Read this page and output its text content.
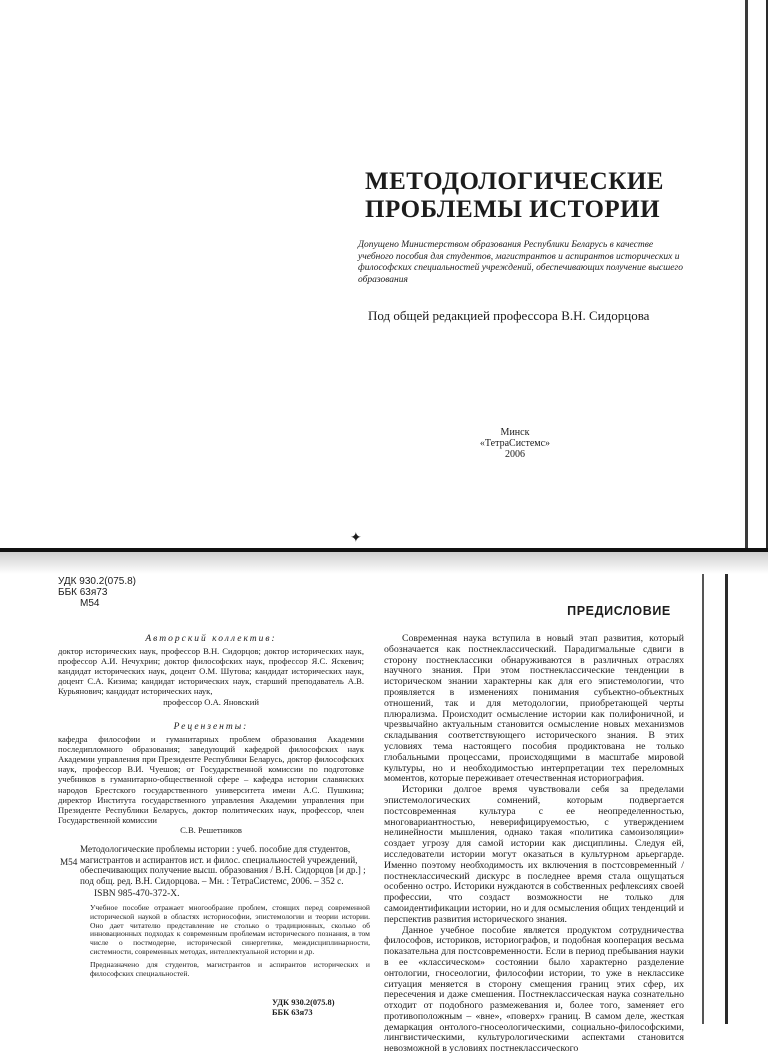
МЕТОДОЛОГИЧЕСКИЕ
ПРОБЛЕМЫ ИСТОРИИ
Допущено Министерством образования Республики Беларусь в качестве учебного пособия для студентов, магистрантов и аспирантов исторических и философских специальностей учреждений, обеспечивающих получение высшего образования
Под общей редакцией профессора В.Н. Сидорцова
Минск
«ТетраСистемс»
2006
✦
УДК 930.2(075.8)
ББК 63я73
М54
Авторский коллектив:
доктор исторических наук, профессор В.Н. Сидорцов; доктор исторических наук, профессор А.И. Нечухрин; доктор философских наук, профессор Я.С. Яскевич; кандидат исторических наук, доцент О.М. Шутова; кандидат исторических наук, доцент С.А. Кизима; кандидат исторических наук, старший преподаватель А.В. Курьянович; кандидат исторических наук,
профессор О.А. Яновский
Рецензенты:
кафедра философии и гуманитарных проблем образования Академии последипломного образования; заведующий кафедрой философских наук Академии управления при Президенте Республики Беларусь, доктор философских наук, профессор В.И. Чуешов; от Государственной комиссии по подготовке учебников в гуманитарно-общественной сфере – кафедра истории славянских народов Брестского государственного университета имени А.С. Пушкина; директор Института государственного управления Академии управления при Президенте Республики Беларусь, доктор политических наук, профессор, член Государственной комиссии
С.В. Решетников
М54
Методологические проблемы истории : учеб. пособие для студентов, магистрантов и аспирантов ист. и филос. специальностей учреждений, обеспечивающих получение высш. образования / В.Н. Сидорцов [и др.] ; под общ. ред. В.Н. Сидорцова. – Мн. : ТетраСистемс, 2006. – 352 с.
ISBN 985-470-372-X.
Учебное пособие отражает многообразие проблем, стоящих перед современной исторической наукой в областях историософии, эпистемологии и теории истории. Оно дает читателю представление не столько о традиционных, сколько об инновационных подходах к современным проблемам исторического познания, в том числе о постмодерне, исторической синергетике, междисциплинарности, системности, современных методах, интеллектуальной истории и др.
Предназначено для студентов, магистрантов и аспирантов исторических и философских специальностей.
УДК 930.2(075.8)
ББК 63я73
ПРЕДИСЛОВИЕ

Современная наука вступила в новый этап развития, который обозначается как постнеклассический. Парадигмальные сдвиги в сторону постнеклассики обнаруживаются в различных отраслях научного знания. При этом постнеклассические тенденции в историческом знании характерны как для его эпистемологии, что проявляется в изменениях понимания субъектно-объектных отношений, так и для методологии, приобретающей черты плюрализма. Происходит осмысление истории как полифоничной, и чрезвычайно актуальным становится осмысление новых механизмов складывания соответствующего исторического знания. В этих условиях тема настоящего пособия продиктована не только глобальными процессами, происходящими в масштабе мировой культуры, но и необходимостью интерпретации тех переломных моментов, которые переживает отечественная историография.

Историки долгое время чувствовали себя за пределами эпистемологических сомнений, которым подвергается постсовременная культура с ее неопределенностью, многовариантностью, неверифицируемостью, с утверждением нелинейности мышления, однако такая «политика самоизоляции» создает угрозу для самой истории как дисциплины. Следуя ей, исследователи истории могут оказаться в культурном арьергарде. Именно поэтому необходимость их включения в постсовременный / постнеклассический дискурс в последнее время стала ощущаться особенно остро. Историки нуждаются в собственных рефлексиях своей профессии, что создаст возможности не только для самоидентификации истории, но и для осмысления общих тенденций и перспектив развития исторического знания.

Данное учебное пособие является продуктом сотрудничества философов, историков, историографов, и подобная кооперация весьма показательна для постсовременности. Если в период пребывания науки в ее «классическом» состоянии было характерно разделение онтологии, гносеологии, философии истории, то уже в неклассике ситуация меняется в сторону смещения границ этих сфер, их пересечения и даже смешения. Постнеклассическая наука сознательно отходит от подобного размежевания и, более того, заменяет его противоположным – «вне», «поверх» границ. В самом деле, жесткая демаркация онтолого-гносеологическими, социально-философскими, лингвистическими, культурологическими аспектами становится невозможной в условиях постнеклассического
